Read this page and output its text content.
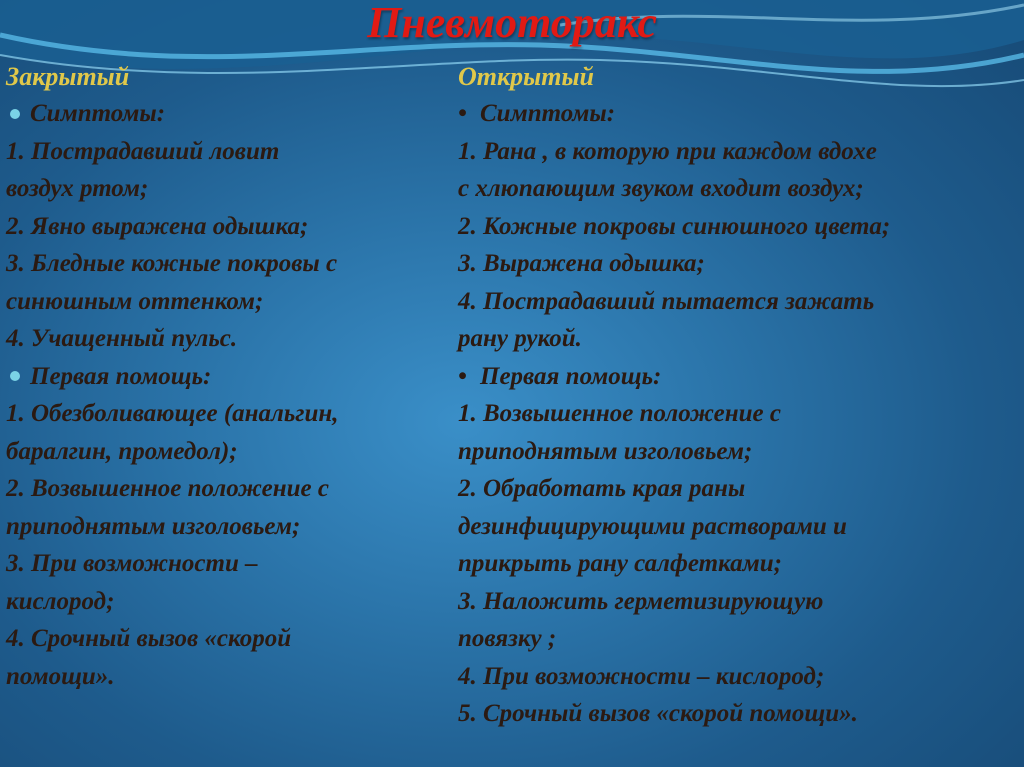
Пневмоторакс
Закрытый
Симптомы:
1. Пострадавший ловит
воздух ртом;
2. Явно выражена одышка;
3. Бледные кожные покровы с
синюшным оттенком;
4. Учащенный пульс.
Первая помощь:
1. Обезболивающее (анальгин,
баралгин, промедол);
2. Возвышенное положение с
приподнятым изголовьем;
3. При возможности –
кислород;
4. Срочный вызов «скорой
помощи».
Открытый
• Симптомы:
1. Рана , в которую при каждом вдохе
с хлюпающим звуком входит воздух;
2. Кожные покровы синюшного цвета;
3. Выражена одышка;
4. Пострадавший пытается зажать
рану рукой.
• Первая помощь:
1. Возвышенное положение с
приподнятым изголовьем;
2. Обработать края раны
дезинфицирующими растворами и
прикрыть рану салфетками;
3. Наложить герметизирующую
повязку ;
4. При возможности – кислород;
5. Срочный вызов «скорой помощи».
